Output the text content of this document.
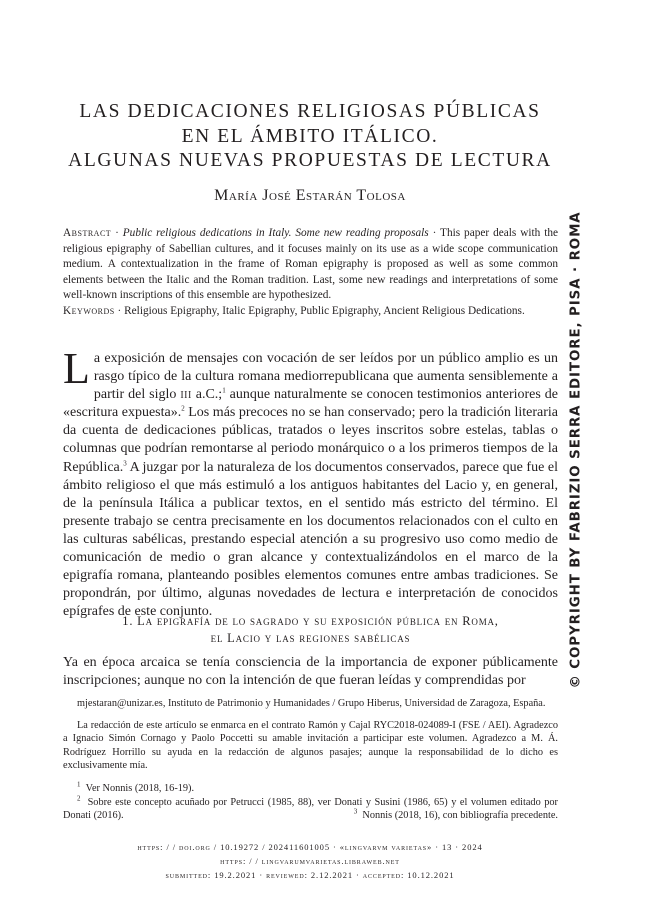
LAS DEDICACIONES RELIGIOSAS PÚBLICAS
EN EL ÁMBITO ITÁLICO.
ALGUNAS NUEVAS PROPUESTAS DE LECTURA
María José Estarán Tolosa
Abstract · Public religious dedications in Italy. Some new reading proposals · This paper deals with the religious epigraphy of Sabellian cultures, and it focuses mainly on its use as a wide scope communication medium. A contextualization in the frame of Roman epigraphy is proposed as well as some common elements between the Italic and the Roman tradition. Last, some new readings and interpretations of some well-known inscriptions of this ensemble are hypothesized.
Keywords · Religious Epigraphy, Italic Epigraphy, Public Epigraphy, Ancient Religious Dedications.
La exposición de mensajes con vocación de ser leídos por un público amplio es un rasgo típico de la cultura romana mediorrepublicana que aumenta sensiblemente a partir del siglo iii a.C.;$^1$ aunque naturalmente se conocen testimonios anteriores de «escritura expuesta».$^2$ Los más precoces no se han conservado; pero la tradición literaria da cuenta de dedicaciones públicas, tratados o leyes inscritos sobre estelas, tablas o columnas que podrían remontarse al periodo monárquico o a los primeros tiempos de la República.$^3$ A juzgar por la naturaleza de los documentos conservados, parece que fue el ámbito religioso el que más estimuló a los antiguos habitantes del Lacio y, en general, de la península Itálica a publicar textos, en el sentido más estricto del término. El presente trabajo se centra precisamente en los documentos relacionados con el culto en las culturas sabélicas, prestando especial atención a su progresivo uso como medio de comunicación de medio o gran alcance y contextualizándolos en el marco de la epigrafía romana, planteando posibles elementos comunes entre ambas tradiciones. Se propondrán, por último, algunas novedades de lectura e interpretación de conocidos epígrafes de este conjunto.
1. La epigrafía de lo sagrado y su exposición pública en Roma,
el Lacio y las regiones sabélicas
Ya en época arcaica se tenía consciencia de la importancia de exponer públicamente inscripciones; aunque no con la intención de que fueran leídas y comprendidas por

mjestaran@unizar.es, Instituto de Patrimonio y Humanidades / Grupo Hiberus, Universidad de Zaragoza, España.

La redacción de este artículo se enmarca en el contrato Ramón y Cajal RYC2018-024089-I (FSE / AEI). Agradezco a Ignacio Simón Cornago y Paolo Poccetti su amable invitación a participar este volumen. Agradezco a M. Á. Rodríguez Horrillo su ayuda en la redacción de algunos pasajes; aunque la responsabilidad de lo dicho es exclusivamente mía.

$^1$ Ver Nonnis (2018, 16-19).

$^2$ Sobre este concepto acuñado por Petrucci (1985, 88), ver Donati y Susini (1986, 65) y el volumen editado por Donati (2016).	$^3$ Nonnis (2018, 16), con bibliografía precedente.

https: / / doi.org / 10.19272 / 202411601005 · «lingvarvm varietas» · 13 · 2024
https: / / lingvarumvarietas.libraweb.net
submitted: 19.2.2021 · reviewed: 2.12.2021 · accepted: 10.12.2021
© COPYRIGHT BY FABRIZIO SERRA EDITORE, PISA · ROMA
